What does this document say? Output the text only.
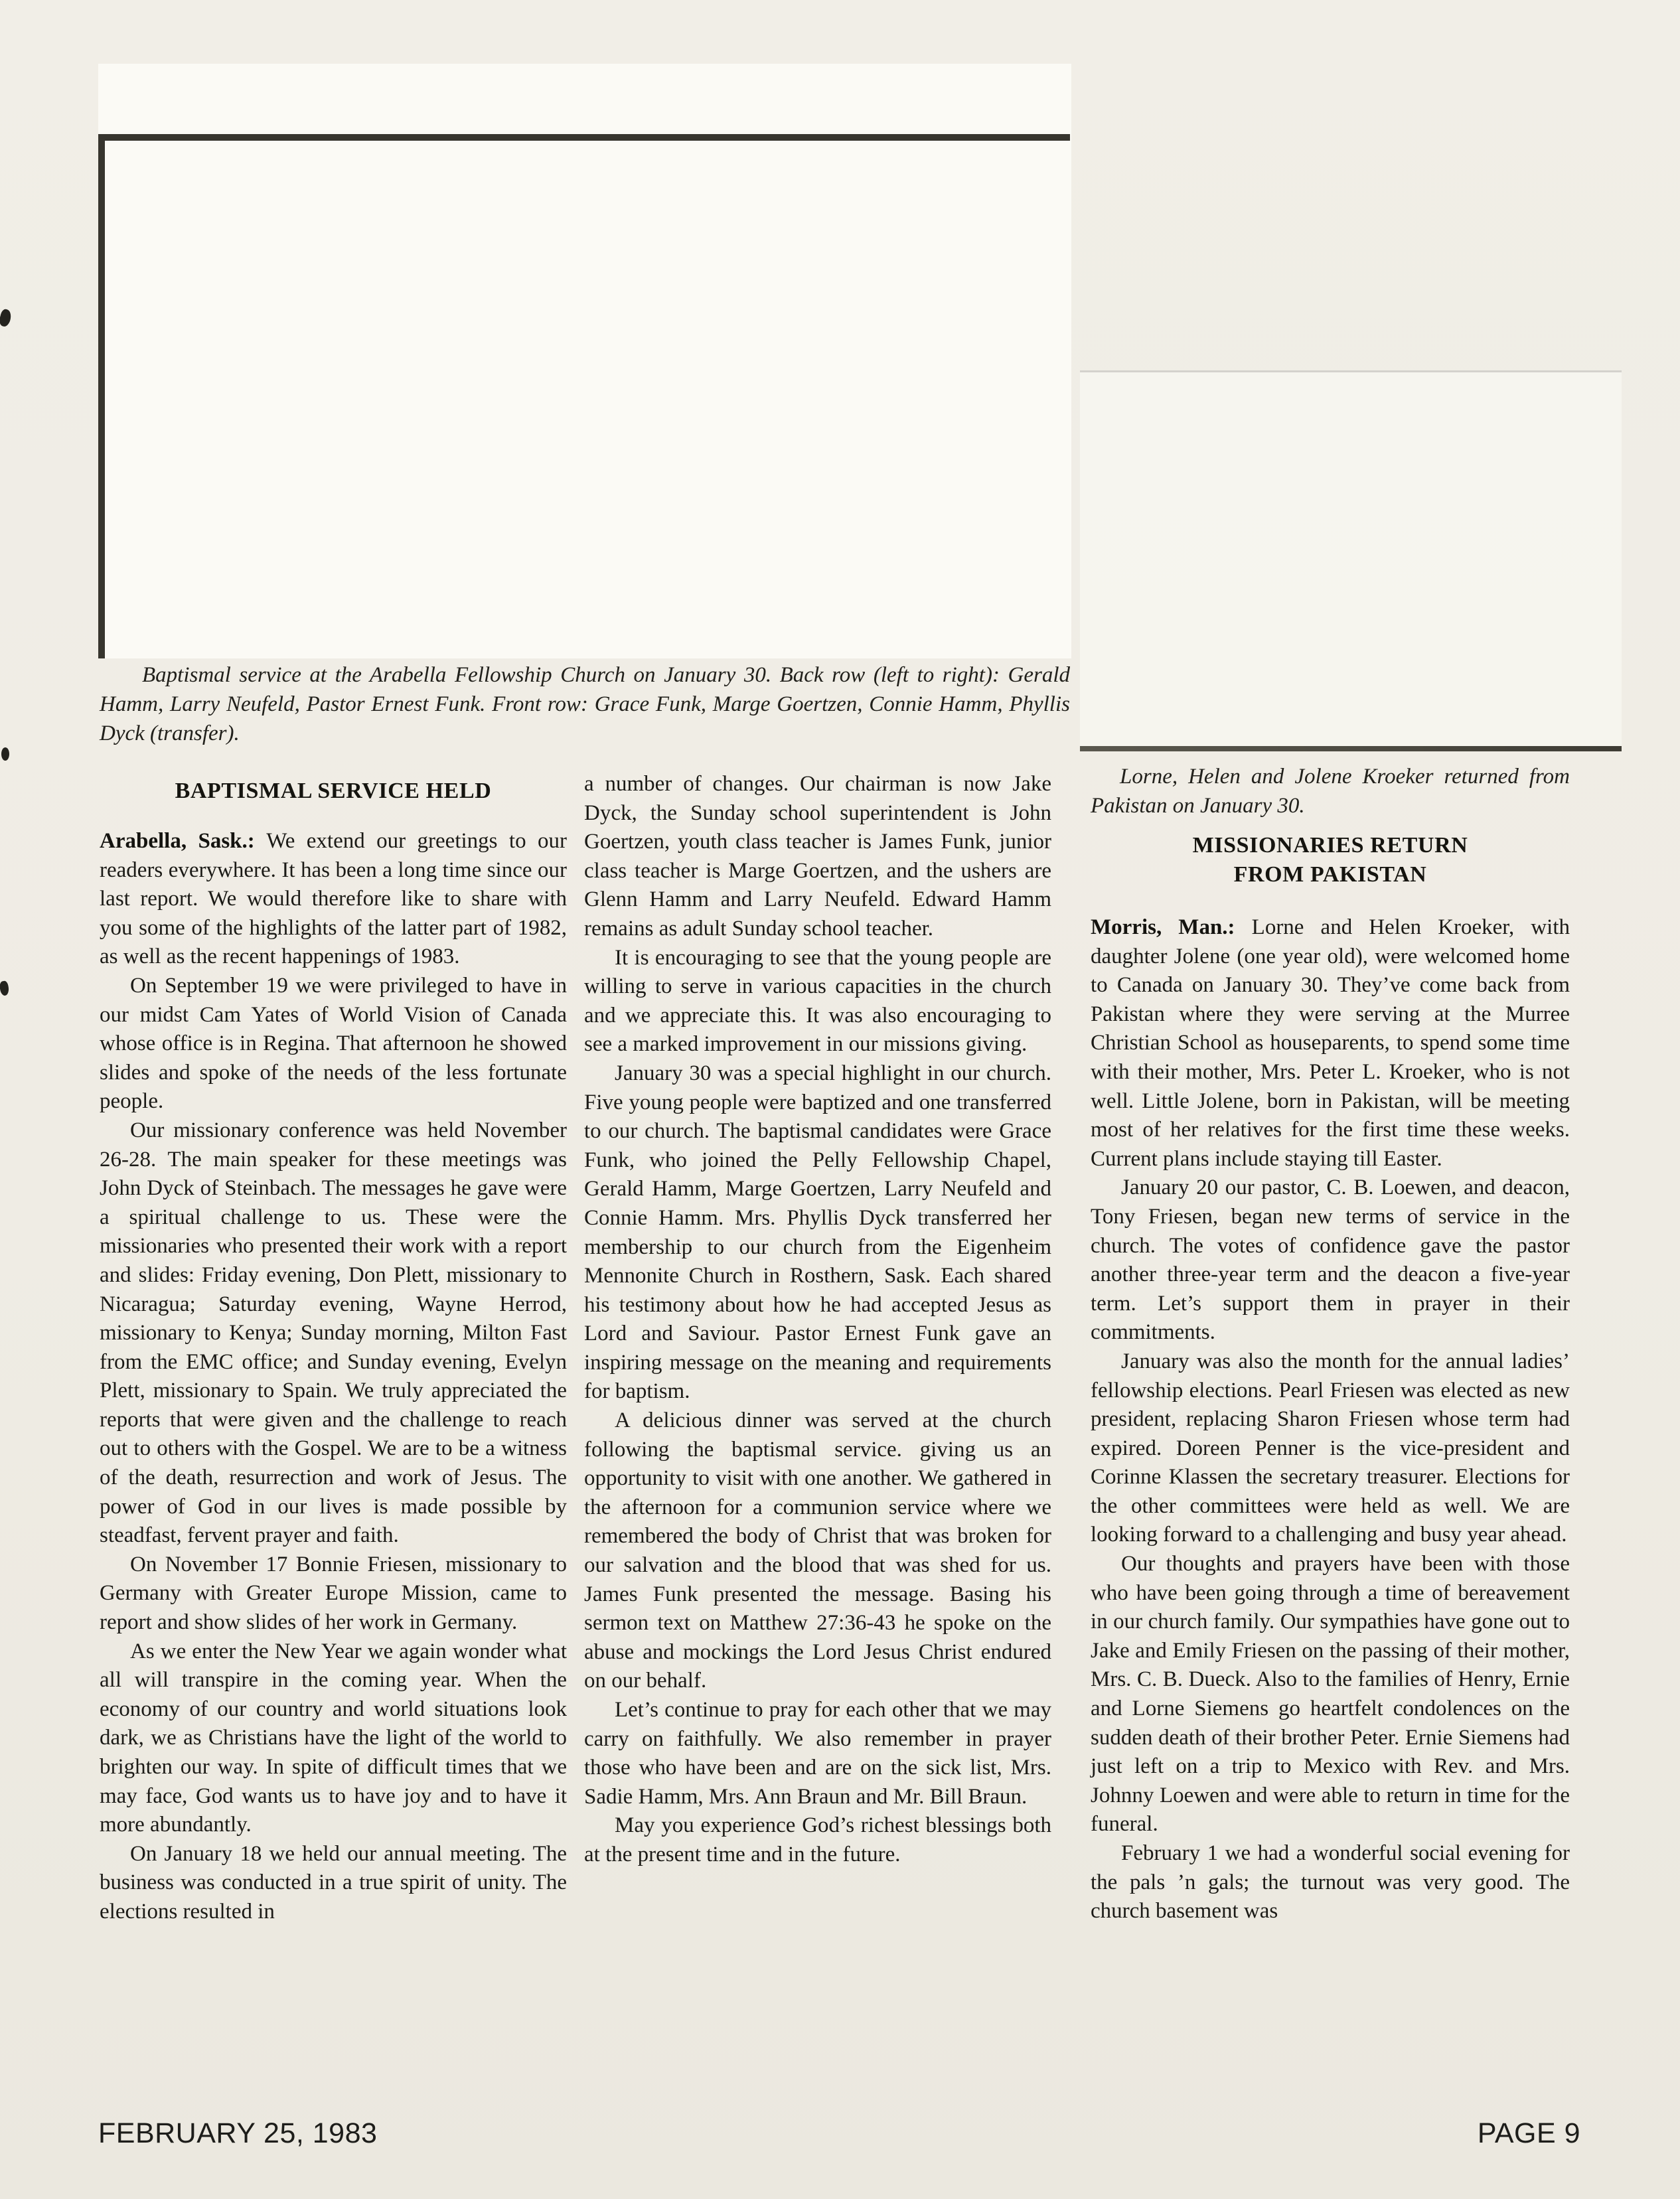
Baptismal service at the Arabella Fellowship Church on January 30. Back row (left to right): Gerald Hamm, Larry Neufeld, Pastor Ernest Funk. Front row: Grace Funk, Marge Goertzen, Connie Hamm, Phyllis Dyck (transfer).
BAPTISMAL SERVICE HELD

Arabella, Sask.: We extend our greetings to our readers everywhere. It has been a long time since our last report. We would therefore like to share with you some of the highlights of the latter part of 1982, as well as the recent happenings of 1983.

On September 19 we were privileged to have in our midst Cam Yates of World Vision of Canada whose office is in Regina. That afternoon he showed slides and spoke of the needs of the less fortunate people.

Our missionary conference was held November 26-28. The main speaker for these meetings was John Dyck of Steinbach. The messages he gave were a spiritual challenge to us. These were the missionaries who presented their work with a report and slides: Friday evening, Don Plett, missionary to Nicaragua; Saturday evening, Wayne Herrod, missionary to Kenya; Sunday morning, Milton Fast from the EMC office; and Sunday evening, Evelyn Plett, missionary to Spain. We truly appreciated the reports that were given and the challenge to reach out to others with the Gospel. We are to be a witness of the death, resurrection and work of Jesus. The power of God in our lives is made possible by steadfast, fervent prayer and faith.

On November 17 Bonnie Friesen, missionary to Germany with Greater Europe Mission, came to report and show slides of her work in Germany.

As we enter the New Year we again wonder what all will transpire in the coming year. When the economy of our country and world situations look dark, we as Christians have the light of the world to brighten our way. In spite of difficult times that we may face, God wants us to have joy and to have it more abundantly.

On January 18 we held our annual meeting. The business was conducted in a true spirit of unity. The elections resulted in

a number of changes. Our chairman is now Jake Dyck, the Sunday school superintendent is John Goertzen, youth class teacher is James Funk, junior class teacher is Marge Goertzen, and the ushers are Glenn Hamm and Larry Neufeld. Edward Hamm remains as adult Sunday school teacher.

It is encouraging to see that the young people are willing to serve in various capacities in the church and we appreciate this. It was also encouraging to see a marked improvement in our missions giving.

January 30 was a special highlight in our church. Five young people were baptized and one transferred to our church. The baptismal candidates were Grace Funk, who joined the Pelly Fellowship Chapel, Gerald Hamm, Marge Goertzen, Larry Neufeld and Connie Hamm. Mrs. Phyllis Dyck transferred her membership to our church from the Eigenheim Mennonite Church in Rosthern, Sask. Each shared his testimony about how he had accepted Jesus as Lord and Saviour. Pastor Ernest Funk gave an inspiring message on the meaning and requirements for baptism.

A delicious dinner was served at the church following the baptismal service. giving us an opportunity to visit with one another. We gathered in the afternoon for a communion service where we remembered the body of Christ that was broken for our salvation and the blood that was shed for us. James Funk presented the message. Basing his sermon text on Matthew 27:36-43 he spoke on the abuse and mockings the Lord Jesus Christ endured on our behalf.

Let’s continue to pray for each other that we may carry on faithfully. We also remember in prayer those who have been and are on the sick list, Mrs. Sadie Hamm, Mrs. Ann Braun and Mr. Bill Braun.

May you experience God’s richest blessings both at the present time and in the future.

Lorne, Helen and Jolene Kroeker returned from Pakistan on January 30.
MISSIONARIES RETURN
FROM PAKISTAN

Morris, Man.: Lorne and Helen Kroeker, with daughter Jolene (one year old), were welcomed home to Canada on January 30. They’ve come back from Pakistan where they were serving at the Murree Christian School as houseparents, to spend some time with their mother, Mrs. Peter L. Kroeker, who is not well. Little Jolene, born in Pakistan, will be meeting most of her relatives for the first time these weeks. Current plans include staying till Easter.

January 20 our pastor, C. B. Loewen, and deacon, Tony Friesen, began new terms of service in the church. The votes of confidence gave the pastor another three-year term and the deacon a five-year term. Let’s support them in prayer in their commitments.

January was also the month for the annual ladies’ fellowship elections. Pearl Friesen was elected as new president, replacing Sharon Friesen whose term had expired. Doreen Penner is the vice-president and Corinne Klassen the secretary treasurer. Elections for the other committees were held as well. We are looking forward to a challenging and busy year ahead.

Our thoughts and prayers have been with those who have been going through a time of bereavement in our church family. Our sympathies have gone out to Jake and Emily Friesen on the passing of their mother, Mrs. C. B. Dueck. Also to the families of Henry, Ernie and Lorne Siemens go heartfelt condolences on the sudden death of their brother Peter. Ernie Siemens had just left on a trip to Mexico with Rev. and Mrs. Johnny Loewen and were able to return in time for the funeral.

February 1 we had a wonderful social evening for the pals ’n gals; the turnout was very good. The church basement was

FEBRUARY 25, 1983	PAGE 9
